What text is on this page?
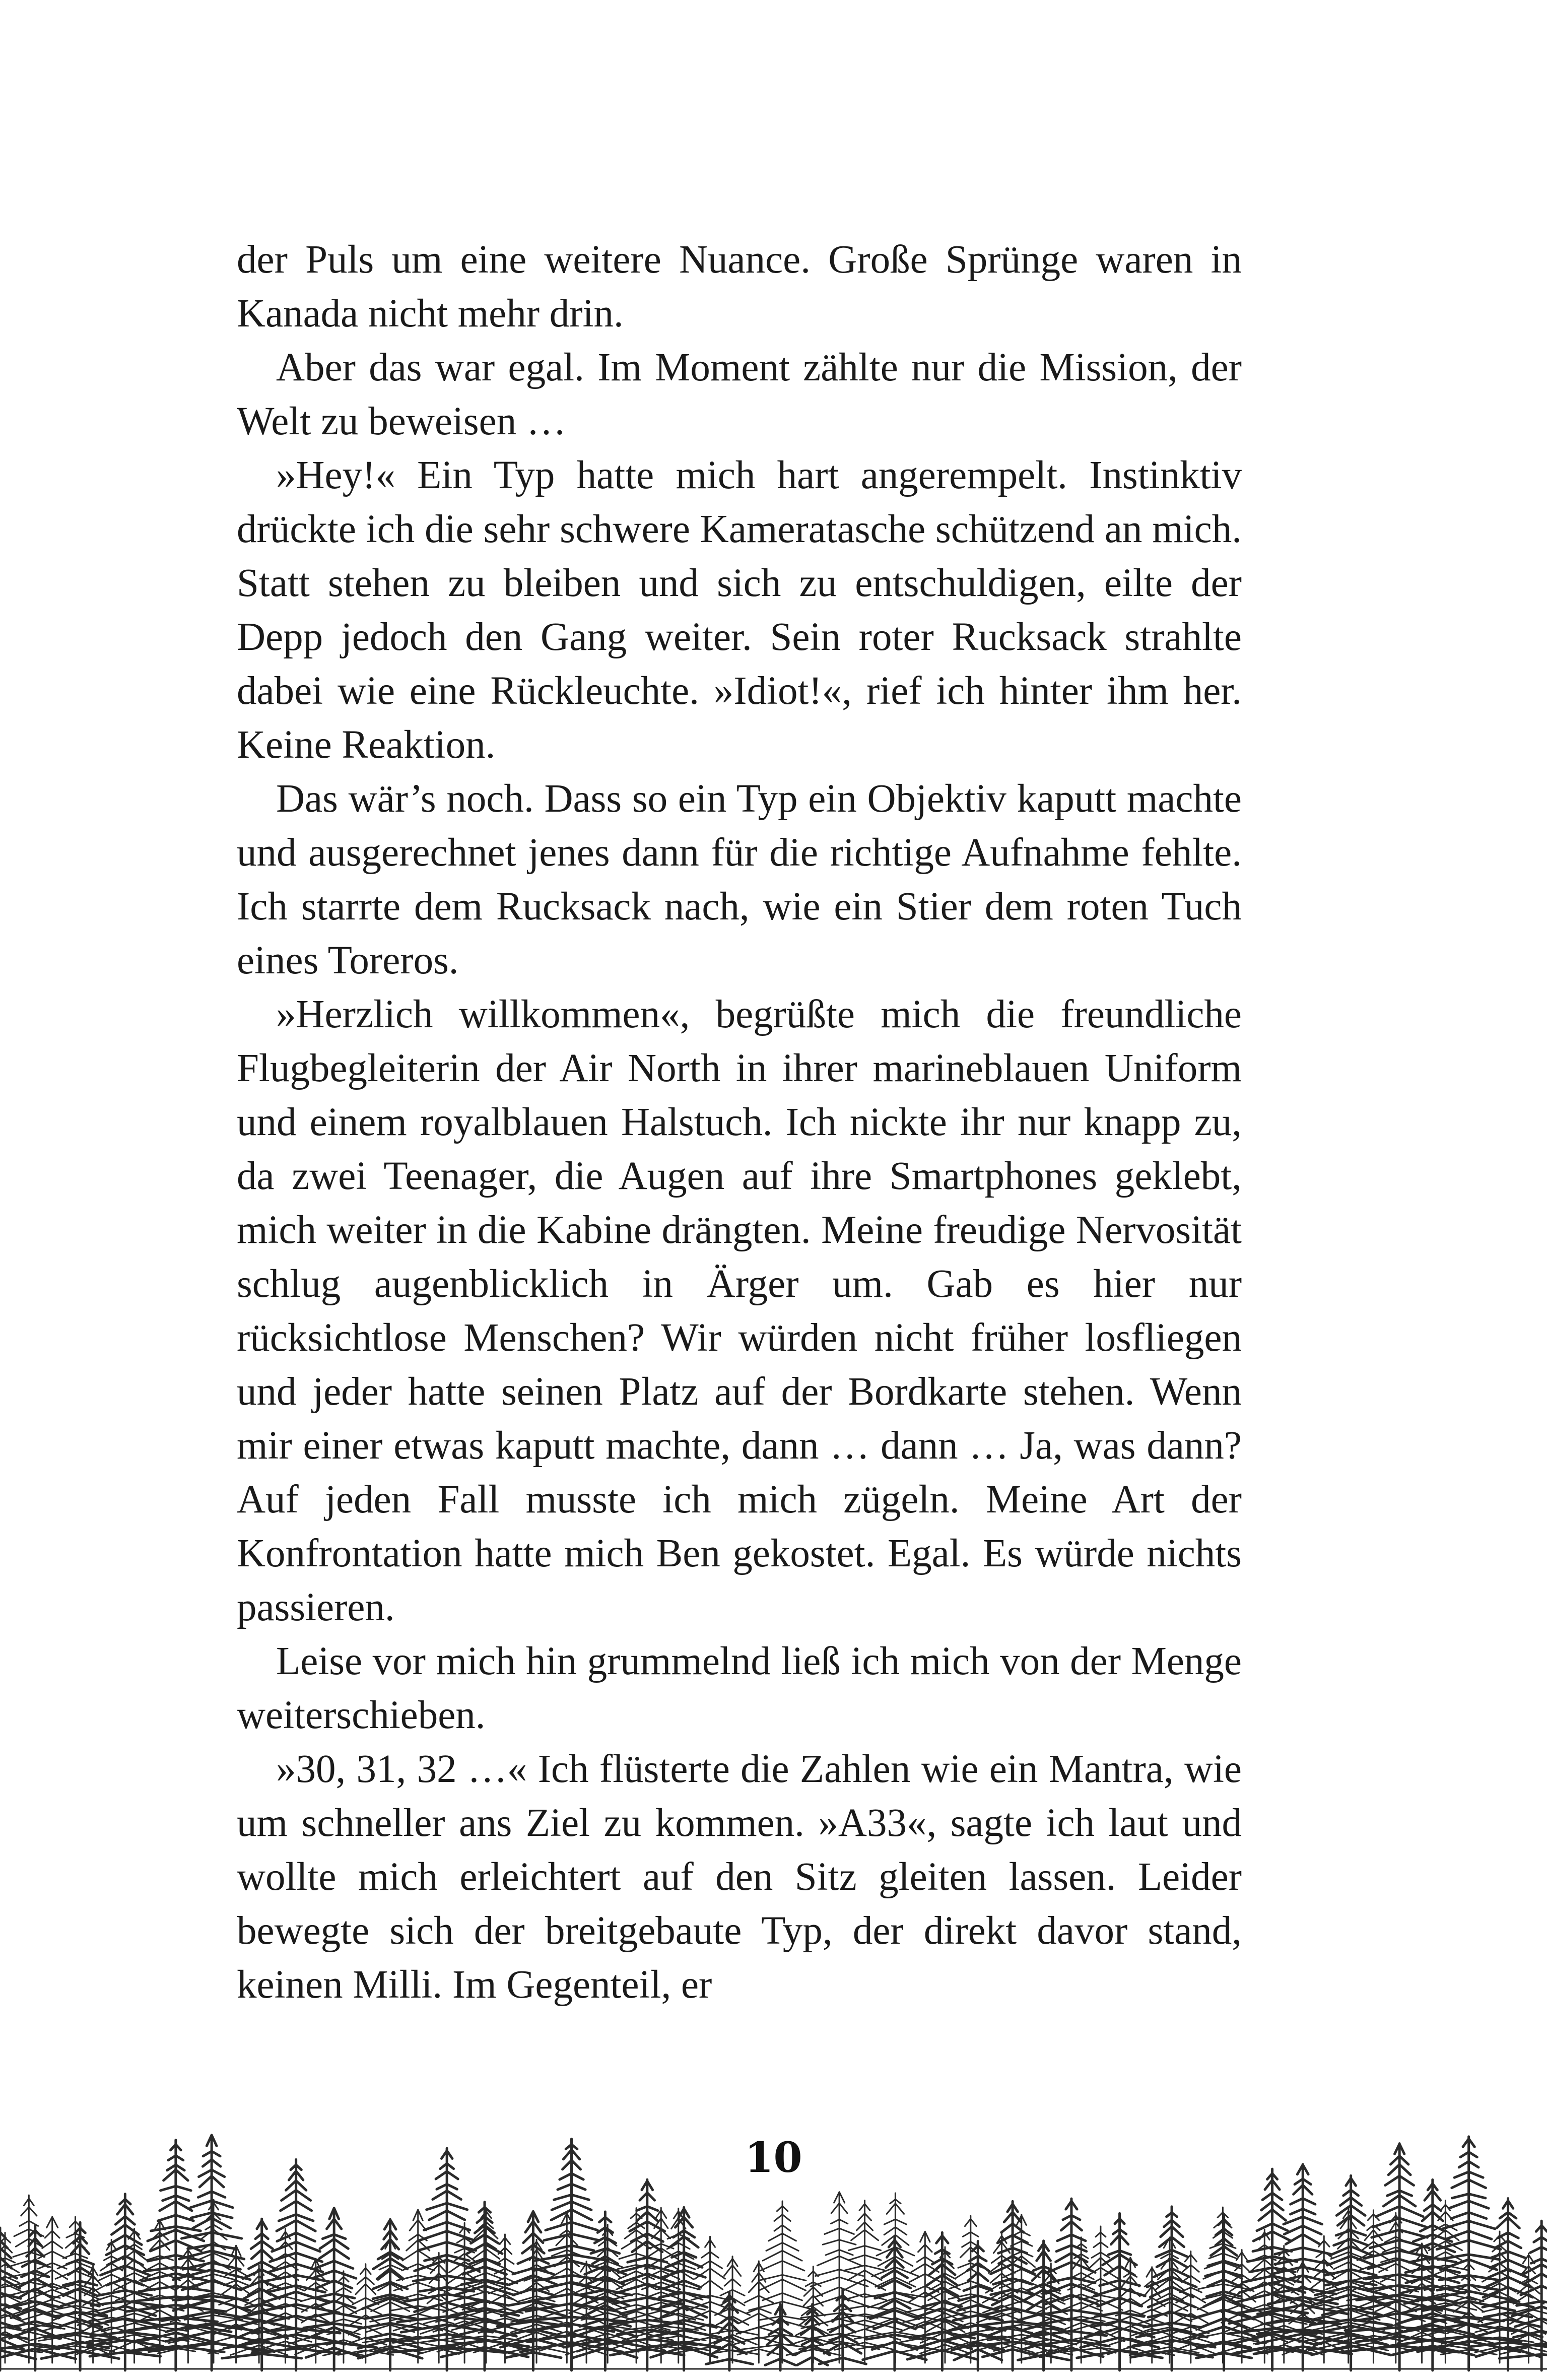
der Puls um eine weitere Nuance. Große Sprünge waren in Kanada nicht mehr drin.

Aber das war egal. Im Moment zählte nur die Mission, der Welt zu beweisen …

»Hey!« Ein Typ hatte mich hart angerempelt. Instinktiv drückte ich die sehr schwere Kameratasche schützend an mich. Statt stehen zu bleiben und sich zu entschuldigen, eilte der Depp jedoch den Gang weiter. Sein roter Rucksack strahlte dabei wie eine Rückleuchte. »Idiot!«, rief ich hinter ihm her. Keine Reaktion.

Das wär’s noch. Dass so ein Typ ein Objektiv kaputt machte und ausgerechnet jenes dann für die richtige Aufnahme fehlte. Ich starrte dem Rucksack nach, wie ein Stier dem roten Tuch eines Toreros.

»Herzlich willkommen«, begrüßte mich die freundliche Flugbegleiterin der Air North in ihrer marineblauen Uniform und einem royalblauen Halstuch. Ich nickte ihr nur knapp zu, da zwei Teenager, die Augen auf ihre Smartphones geklebt, mich weiter in die Kabine drängten. Meine freudige Nervosität schlug augenblicklich in Ärger um. Gab es hier nur rücksichtlose Menschen? Wir würden nicht früher losfliegen und jeder hatte seinen Platz auf der Bordkarte stehen. Wenn mir einer etwas kaputt machte, dann … dann … Ja, was dann? Auf jeden Fall musste ich mich zügeln. Meine Art der Konfrontation hatte mich Ben gekostet. Egal. Es würde nichts passieren.

Leise vor mich hin grummelnd ließ ich mich von der Menge weiterschieben.

»30, 31, 32 …« Ich flüsterte die Zahlen wie ein Mantra, wie um schneller ans Ziel zu kommen. »A33«, sagte ich laut und wollte mich erleichtert auf den Sitz gleiten lassen. Leider bewegte sich der breitgebaute Typ, der direkt davor stand, keinen Milli. Im Gegenteil, er

10
